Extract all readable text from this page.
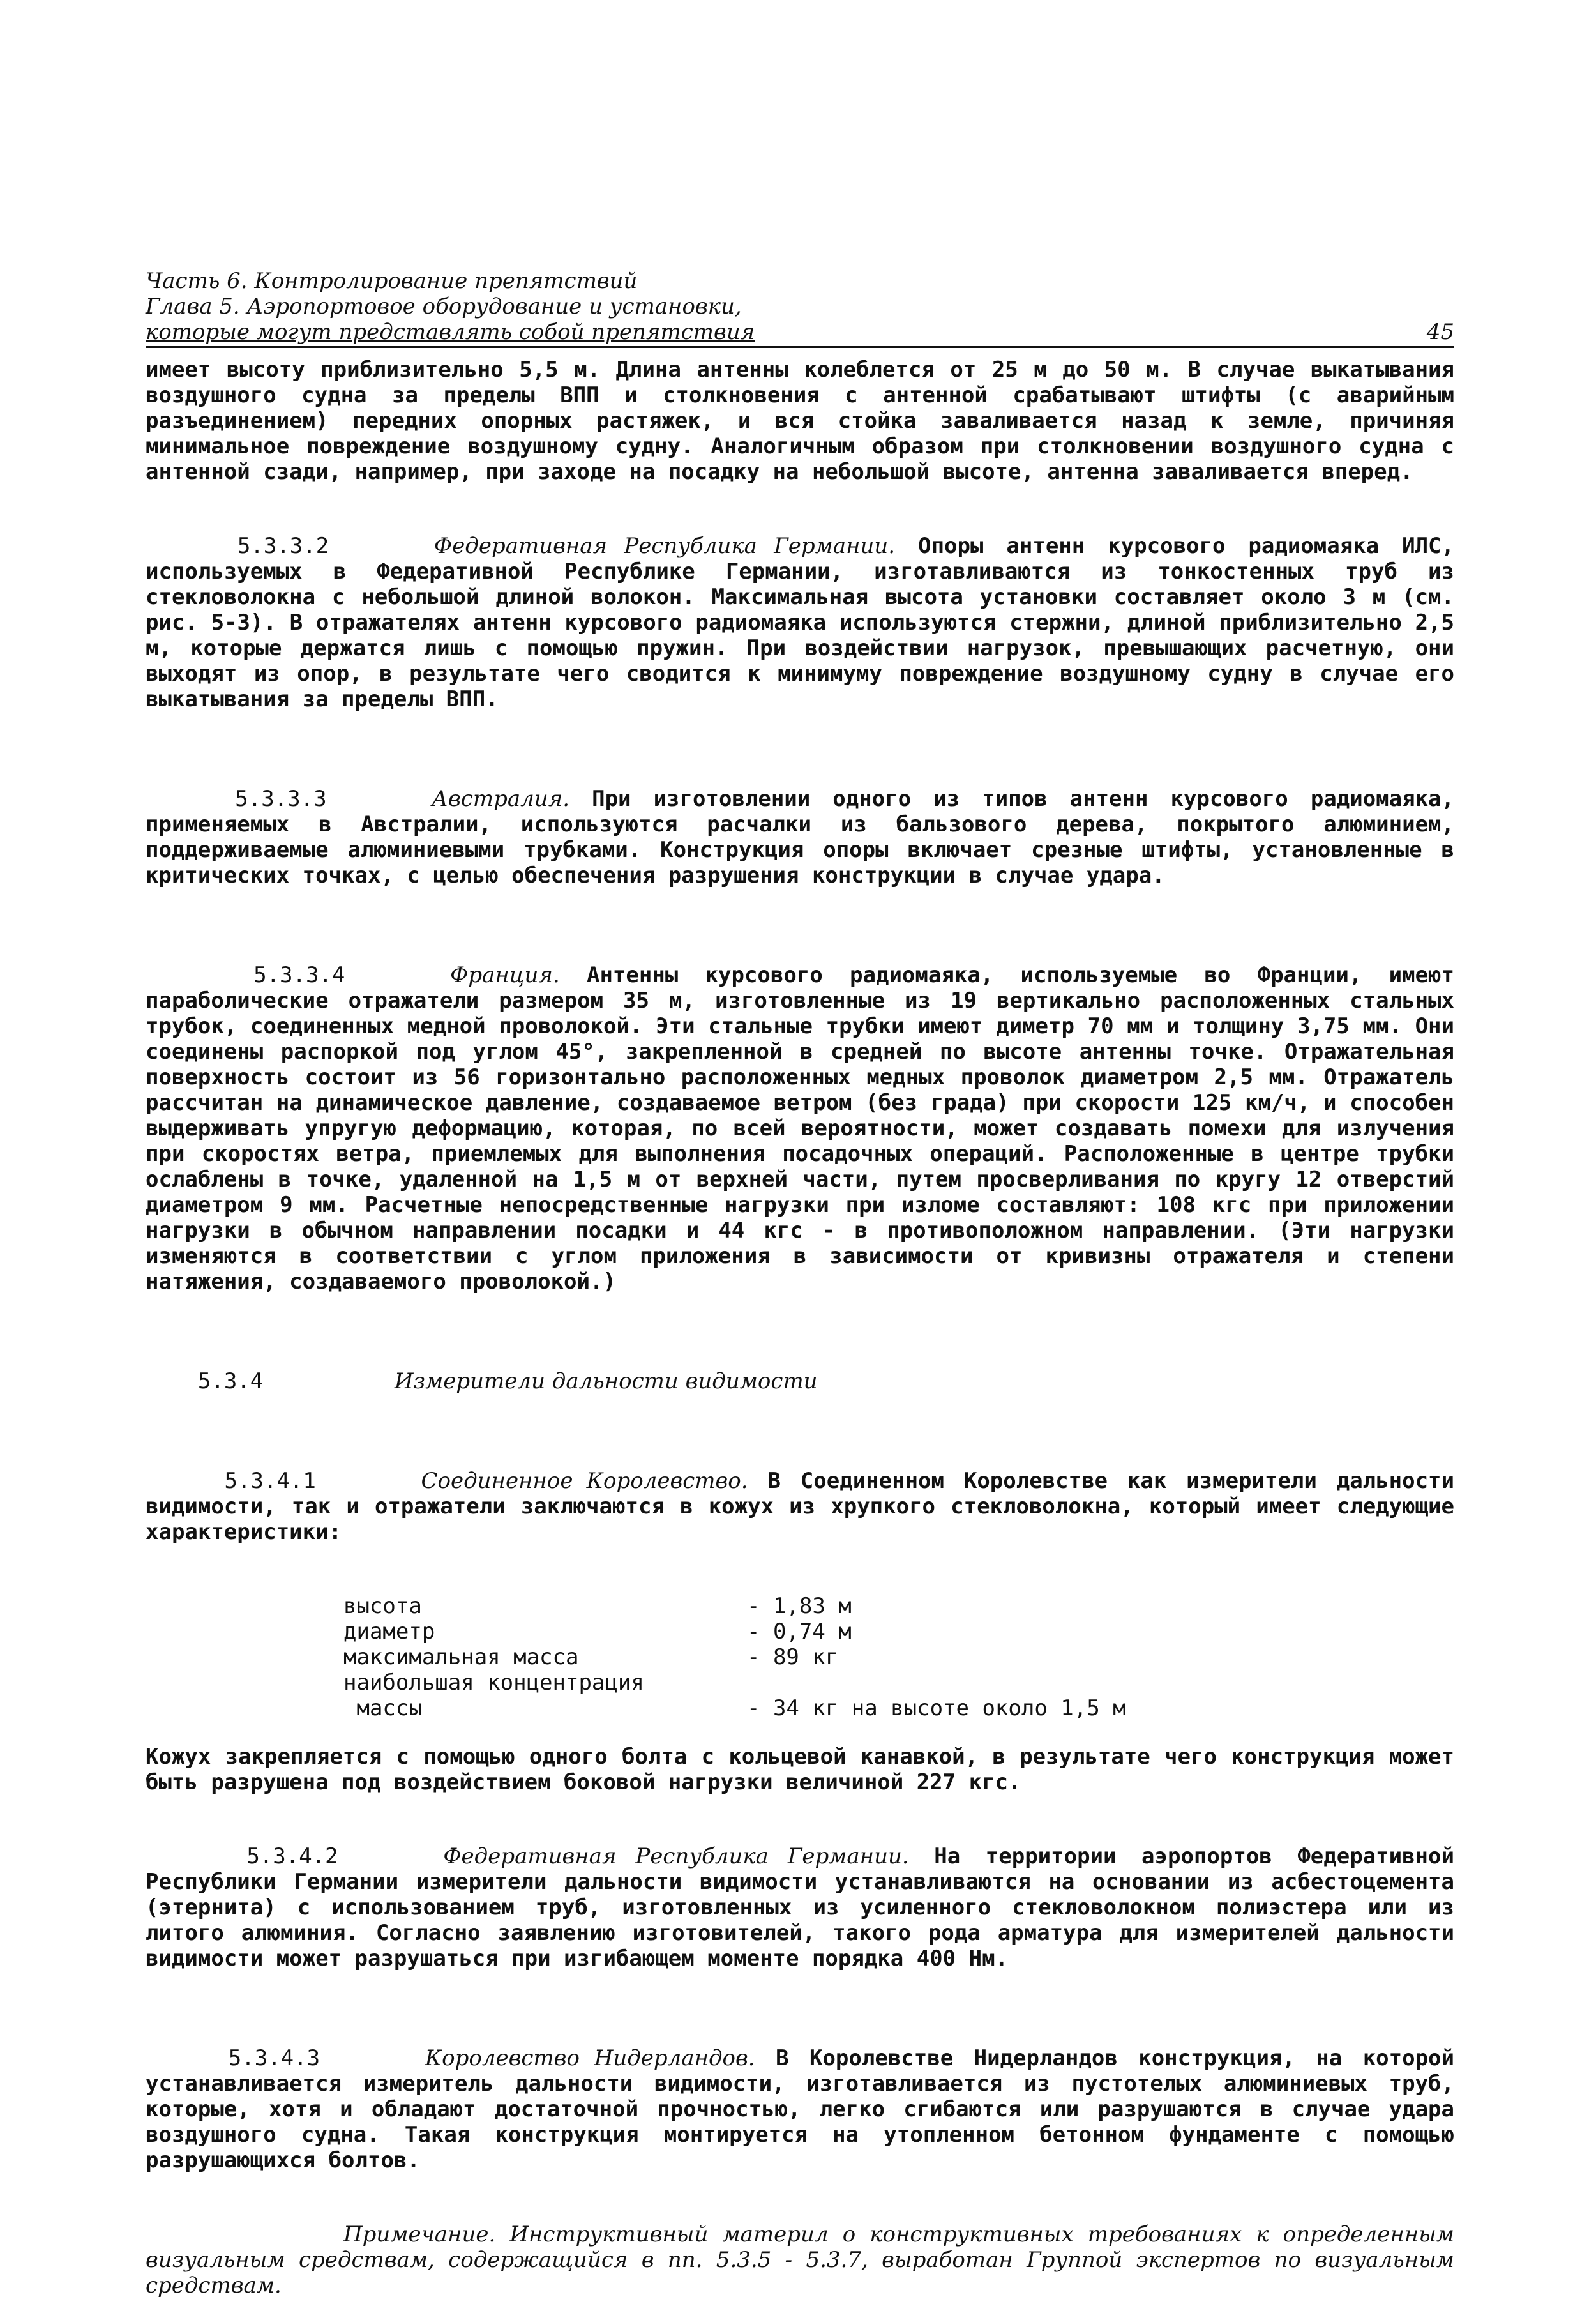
Часть 6. Контролирование препятствий

Глава 5. Аэропортовое оборудование и установки,

которые могут представлять собой препятствия	45

имеет высоту приблизительно 5,5 м. Длина антенны колеблется от 25 м до 50 м. В случае выкатывания воздушного судна за пределы ВПП и столкновения с антенной срабатывают штифты (с аварийным разъединением) передних опорных растяжек, и вся стойка заваливается назад к земле, причиняя минимальное повреждение воздушному судну. Аналогичным образом при столкновении воздушного судна с антенной сзади, например, при заходе на посадку на небольшой высоте, антенна заваливается вперед.

5.3.3.2	Федеративная Республика Германии. Опоры антенн курсового радиомаяка ИЛС, используемых в Федеративной Республике Германии, изготавливаются из тонкостенных труб из стекловолокна с небольшой длиной волокон. Максимальная высота установки составляет около 3 м (см. рис. 5-3). В отражателях антенн курсового радиомаяка используются стержни, длиной приблизительно 2,5 м, которые держатся лишь с помощью пружин. При воздействии нагрузок, превышающих расчетную, они выходят из опор, в результате чего сводится к минимуму повреждение воздушному судну в случае его выкатывания за пределы ВПП.

5.3.3.3	Австралия. При изготовлении одного из типов антенн курсового радиомаяка, применяемых в Австралии, используются расчалки из бальзового дерева, покрытого алюминием, поддерживаемые алюминиевыми трубками. Конструкция опоры включает срезные штифты, установленные в критических точках, с целью обеспечения разрушения конструкции в случае удара.

5.3.3.4	Франция. Антенны курсового радиомаяка, используемые во Франции, имеют параболические отражатели размером 35 м, изготовленные из 19 вертикально расположенных стальных трубок, соединенных медной проволокой. Эти стальные трубки имеют диметр 70 мм и толщину 3,75 мм. Они соединены распоркой под углом 45°, закрепленной в средней по высоте антенны точке. Отражательная поверхность состоит из 56 горизонтально расположенных медных проволок диаметром 2,5 мм. Отражатель рассчитан на динамическое давление, создаваемое ветром (без града) при скорости 125 км/ч, и способен выдерживать упругую деформацию, которая, по всей вероятности, может создавать помехи для излучения при скоростях ветра, приемлемых для выполнения посадочных операций. Расположенные в центре трубки ослаблены в точке, удаленной на 1,5 м от верхней части, путем просверливания по кругу 12 отверстий диаметром 9 мм. Расчетные непосредственные нагрузки при изломе составляют: 108 кгс при приложении нагрузки в обычном направлении посадки и 44 кгс - в противоположном направлении. (Эти нагрузки изменяются в соответствии с углом приложения в зависимости от кривизны отражателя и степени натяжения, создаваемого проволокой.)

5.3.4	Измерители дальности видимости

5.3.4.1	Соединенное Королевство. В Соединенном Королевстве как измерители дальности видимости, так и отражатели заключаются в кожух из хрупкого стекловолокна, который имеет следующие характеристики:

высота	- 1,83 м
диаметр	- 0,74 м
максимальная масса	- 89 кг
наибольшая концентрация
массы	- 34 кг на высоте около 1,5 м

Кожух закрепляется с помощью одного болта с кольцевой канавкой, в результате чего конструкция может быть разрушена под воздействием боковой нагрузки величиной 227 кгс.

5.3.4.2	Федеративная Республика Германии. На территории аэропортов Федеративной Республики Германии измерители дальности видимости устанавливаются на основании из асбестоцемента (этернита) с использованием труб, изготовленных из усиленного стекловолокном полиэстера или из литого алюминия. Согласно заявлению изготовителей, такого рода арматура для измерителей дальности видимости может разрушаться при изгибающем моменте порядка 400 Нм.

5.3.4.3	Королевство Нидерландов. В Королевстве Нидерландов конструкция, на которой устанавливается измеритель дальности видимости, изготавливается из пустотелых алюминиевых труб, которые, хотя и обладают достаточной прочностью, легко сгибаются или разрушаются в случае удара воздушного судна. Такая конструкция монтируется на утопленном бетонном фундаменте с помощью разрушающихся болтов.

Примечание. Инструктивный материл о конструктивных требованиях к определенным визуальным средствам, содержащийся в пп. 5.3.5 - 5.3.7, выработан Группой экспертов по визуальным средствам.
